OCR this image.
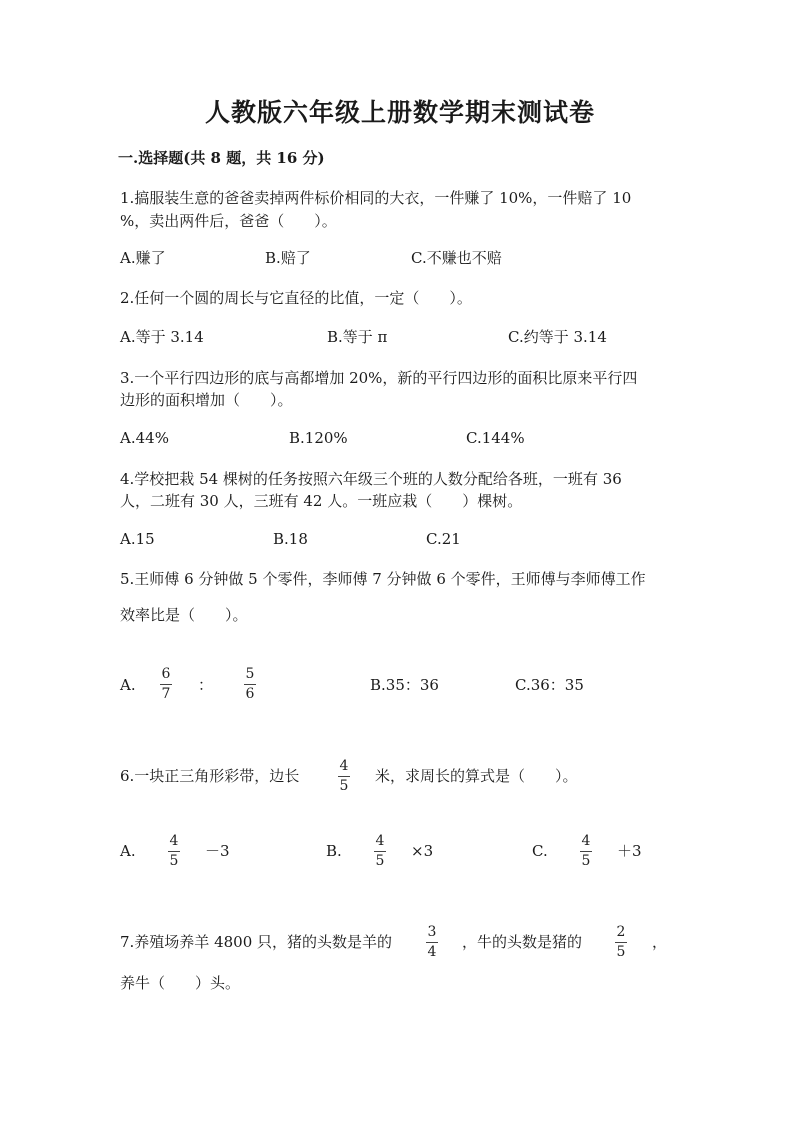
人教版六年级上册数学期末测试卷
一.选择题(共 8 题，共 16 分)
1.搞服装生意的爸爸卖掉两件标价相同的大衣，一件赚了 10%，一件赔了 10
%，卖出两件后，爸爸（　　）。
A.赚了	B.赔了	C.不赚也不赔
2.任何一个圆的周长与它直径的比值，一定（　　）。
A.等于 3.14	B.等于 π	C.约等于 3.14
3.一个平行四边形的底与高都增加 20%，新的平行四边形的面积比原来平行四
边形的面积增加（　　）。
A.44%	B.120%	C.144%
4.学校把栽 54 棵树的任务按照六年级三个班的人数分配给各班，一班有 36
人，二班有 30 人，三班有 42 人。一班应栽（　　）棵树。
A.15	B.18	C.21
5.王师傅 6 分钟做 5 个零件，李师傅 7 分钟做 6 个零件，王师傅与李师傅工作
效率比是（　　）。
A.
6
7 ：
5
6	B.35：36	C.36：35
6.一块正三角形彩带，边长
4
5
米，求周长的算式是（　　）。
A.
4
5
－3	B.
4
5
×3	C.
4
5
＋3
7.养殖场养羊 4800 只，猪的头数是羊的
3
4
，牛的头数是猪的
2
5
，
养牛（　　）头。
